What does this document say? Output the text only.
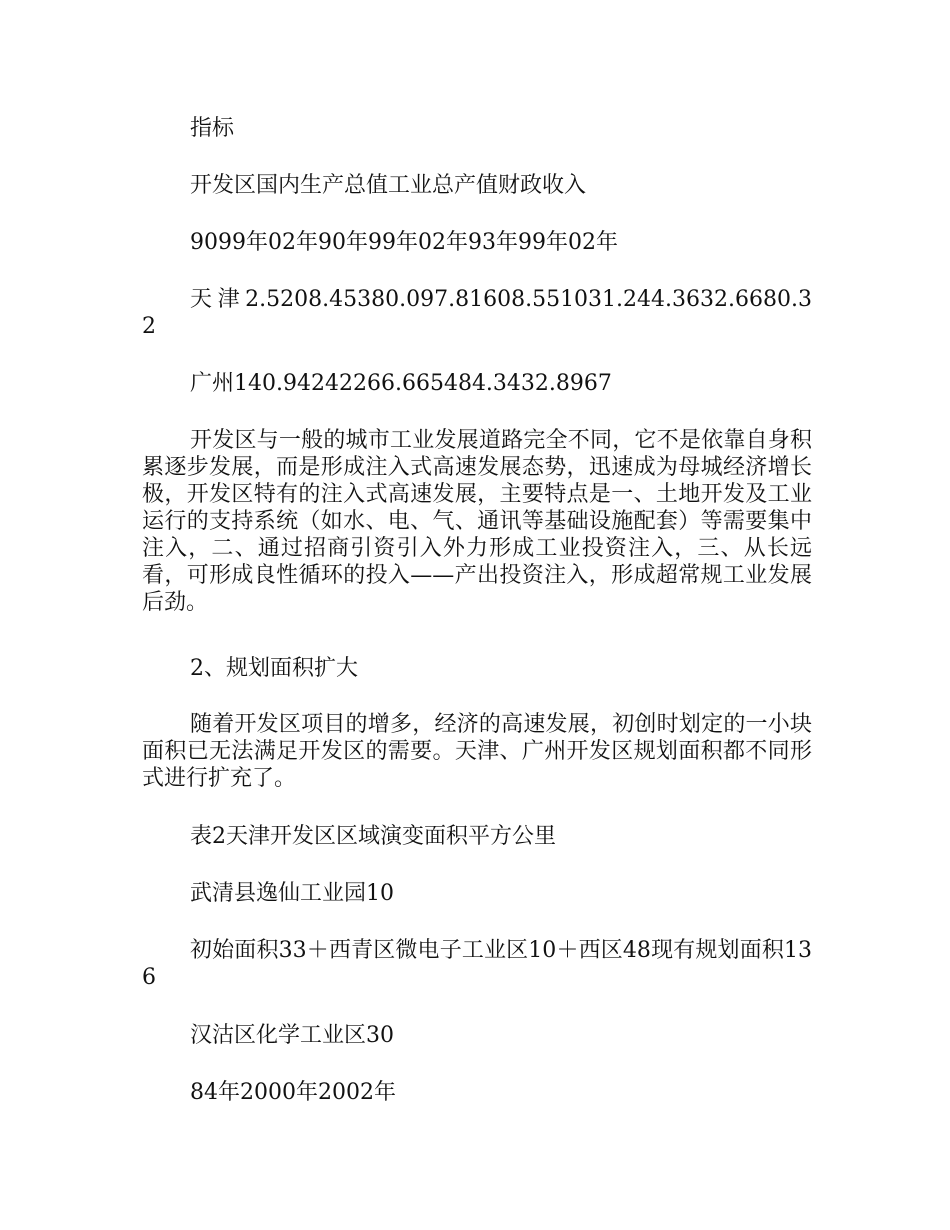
指标

开发区国内生产总值工业总产值财政收入

9099年02年90年99年02年93年99年02年

天津2.5208.45380.097.81608.551031.244.3632.6680.32

广州140.94242266.665484.3432.8967

开发区与一般的城市工业发展道路完全不同，它不是依靠自身积累逐步发展，而是形成注入式高速发展态势，迅速成为母城经济增长极，开发区特有的注入式高速发展，主要特点是一、土地开发及工业运行的支持系统（如水、电、气、通讯等基础设施配套）等需要集中注入，二、通过招商引资引入外力形成工业投资注入，三、从长远看，可形成良性循环的投入——产出投资注入，形成超常规工业发展后劲。

2、规划面积扩大

随着开发区项目的增多，经济的高速发展，初创时划定的一小块面积已无法满足开发区的需要。天津、广州开发区规划面积都不同形式进行扩充了。

表2天津开发区区域演变面积平方公里

武清县逸仙工业园10

初始面积33＋西青区微电子工业区10＋西区48现有规划面积136

汉沽区化学工业区30

84年2000年2002年
